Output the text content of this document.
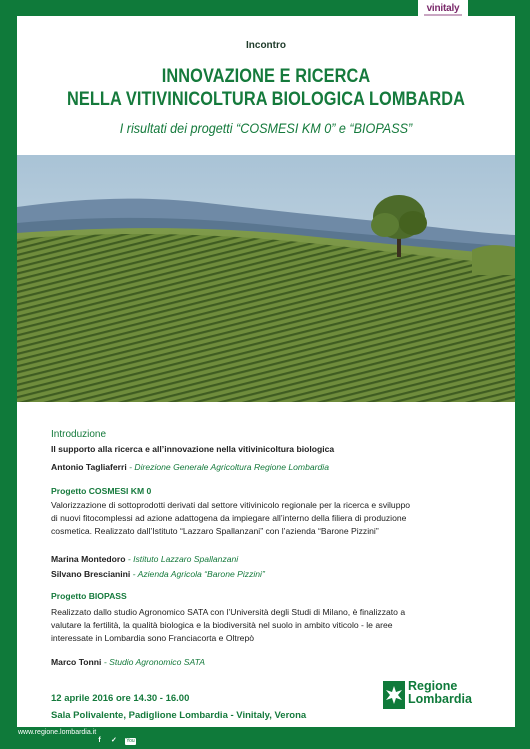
vinitaly
Incontro
INNOVAZIONE E RICERCA
NELLA VITIVINICOLTURA BIOLOGICA LOMBARDA
I risultati dei progetti “COSMESI KM 0” e “BIOPASS”
Introduzione
Il supporto alla ricerca e all’innovazione nella vitivinicoltura biologica
Antonio Tagliaferri - Direzione Generale Agricoltura Regione Lombardia
Progetto COSMESI KM 0
Valorizzazione di sottoprodotti derivati dal settore vitivinicolo regionale per la ricerca e sviluppo
di nuovi fitocomplessi ad azione adattogena da impiegare all’interno della filiera di produzione
cosmetica. Realizzato dall’Istituto “Lazzaro Spallanzani” con l’azienda “Barone Pizzini”
Marina Montedoro - Istituto Lazzaro Spallanzani
Silvano Brescianini - Azienda Agricola “Barone Pizzini”
Progetto BIOPASS
Realizzato dallo studio Agronomico SATA con l’Università degli Studi di Milano, è finalizzato a
valutare la fertilità, la qualità biologica e la biodiversità nel suolo in ambito viticolo - le aree
interessate in Lombardia sono Franciacorta e Oltrepò
Marco Tonni - Studio Agronomico SATA
12 aprile 2016 ore 14.30 - 16.00
Sala Polivalente, Padiglione Lombardia - Vinitaly, Verona
Regione
Lombardia
www.regione.lombardia.it
f ✓ You
